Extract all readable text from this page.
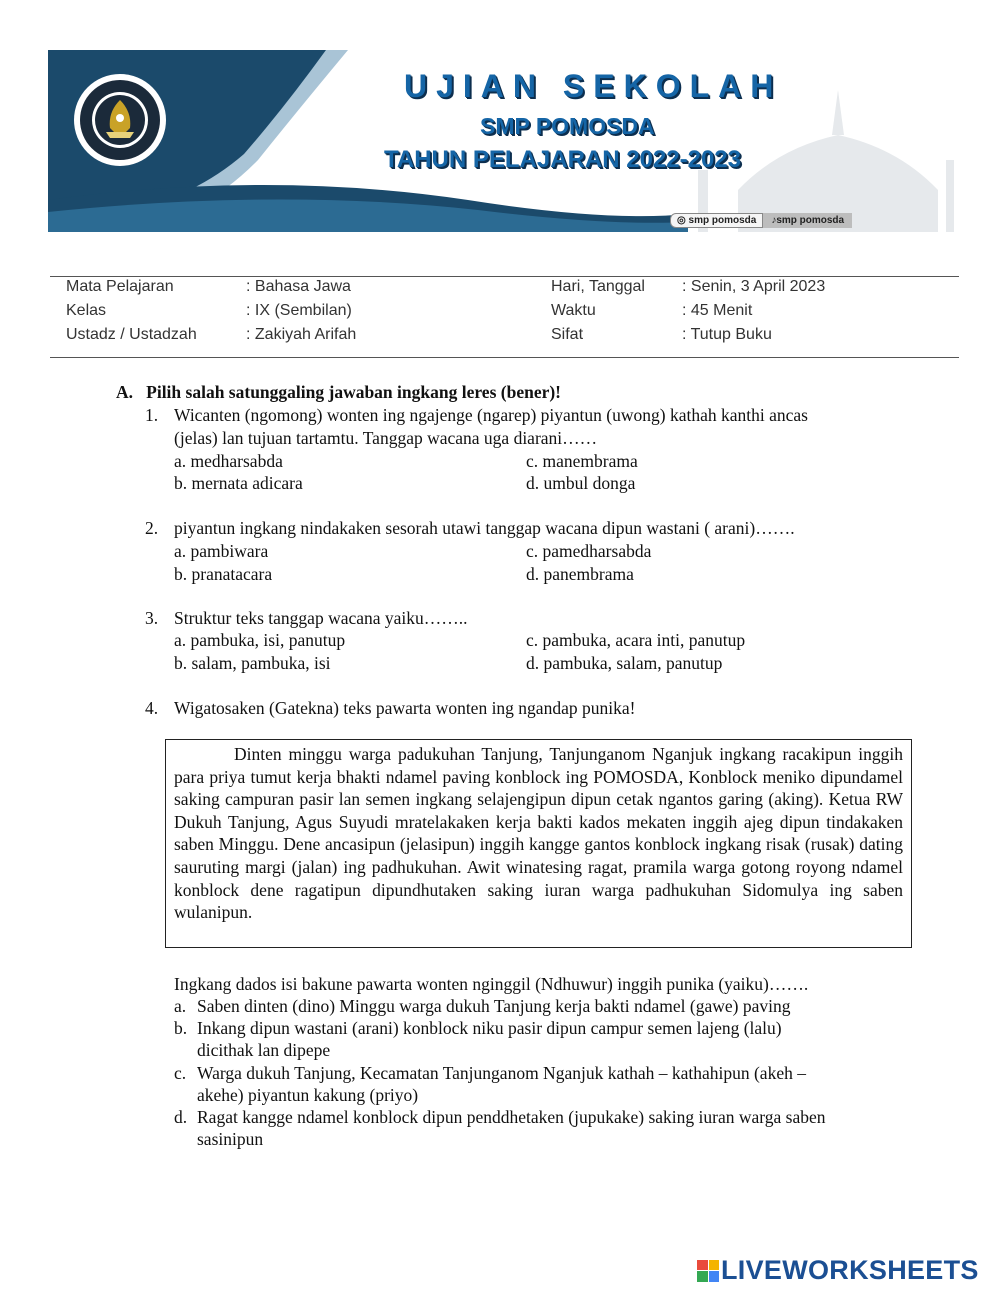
UJIAN SEKOLAH
SMP POMOSDA
TAHUN PELAJARAN 2022-2023
◎ smp pomosda	♪smp pomosda
Mata Pelajaran	: Bahasa Jawa	Hari, Tanggal : Senin, 3 April 2023
Kelas	: IX (Sembilan)	Waktu	: 45 Menit
Ustadz / Ustadzah	: Zakiyah Arifah	Sifat	: Tutup Buku
A.   Pilih salah satunggaling jawaban ingkang leres (bener)!
1. Wicanten (ngomong) wonten ing ngajenge (ngarep) piyantun (uwong) kathah kanthi ancas
(jelas) lan tujuan tartamtu. Tanggap wacana uga diarani……
a. medharsabda
b. mernata adicara
c. manembrama
d. umbul donga
2. piyantun ingkang nindakaken sesorah utawi tanggap wacana dipun wastani ( arani)…….
a. pambiwara
b. pranatacara
c. pamedharsabda
d. panembrama
3. Struktur teks tanggap wacana yaiku……..
a. pambuka, isi, panutup
b. salam, pambuka, isi
c. pambuka, acara inti, panutup
d. pambuka, salam, panutup
4. Wigatosaken (Gatekna) teks pawarta wonten ing ngandap punika!

Dinten minggu warga padukuhan Tanjung, Tanjunganom Nganjuk ingkang racakipun inggih para priya tumut kerja bhakti ndamel paving konblock ing POMOSDA, Konblock meniko dipundamel saking campuran pasir lan semen ingkang selajengipun dipun cetak ngantos garing (aking). Ketua RW Dukuh Tanjung, Agus Suyudi mratelakaken kerja bakti kados mekaten inggih ajeg dipun tindakaken saben Minggu. Dene ancasipun (jelasipun) inggih kangge gantos konblock ingkang risak (rusak) dating sauruting margi (jalan) ing padhukuhan. Awit winatesing ragat, pramila warga gotong royong ndamel konblock dene ragatipun dipundhutaken saking iuran warga padhukuhan Sidomulya ing saben wulanipun.

Ingkang dados isi bakune pawarta wonten nginggil (Ndhuwur) inggih punika (yaiku)…….
a. Saben dinten (dino) Minggu warga dukuh Tanjung kerja bakti ndamel (gawe) paving
b. Inkang dipun wastani (arani) konblock niku pasir dipun campur semen lajeng (lalu)
dicithak lan dipepe
c. Warga dukuh Tanjung, Kecamatan Tanjunganom Nganjuk kathah – kathahipun (akeh –
akehe) piyantun kakung (priyo)
d. Ragat kangge ndamel konblock dipun penddhetaken (jupukake) saking iuran warga saben
sasinipun
LIVEWORKSHEETS
